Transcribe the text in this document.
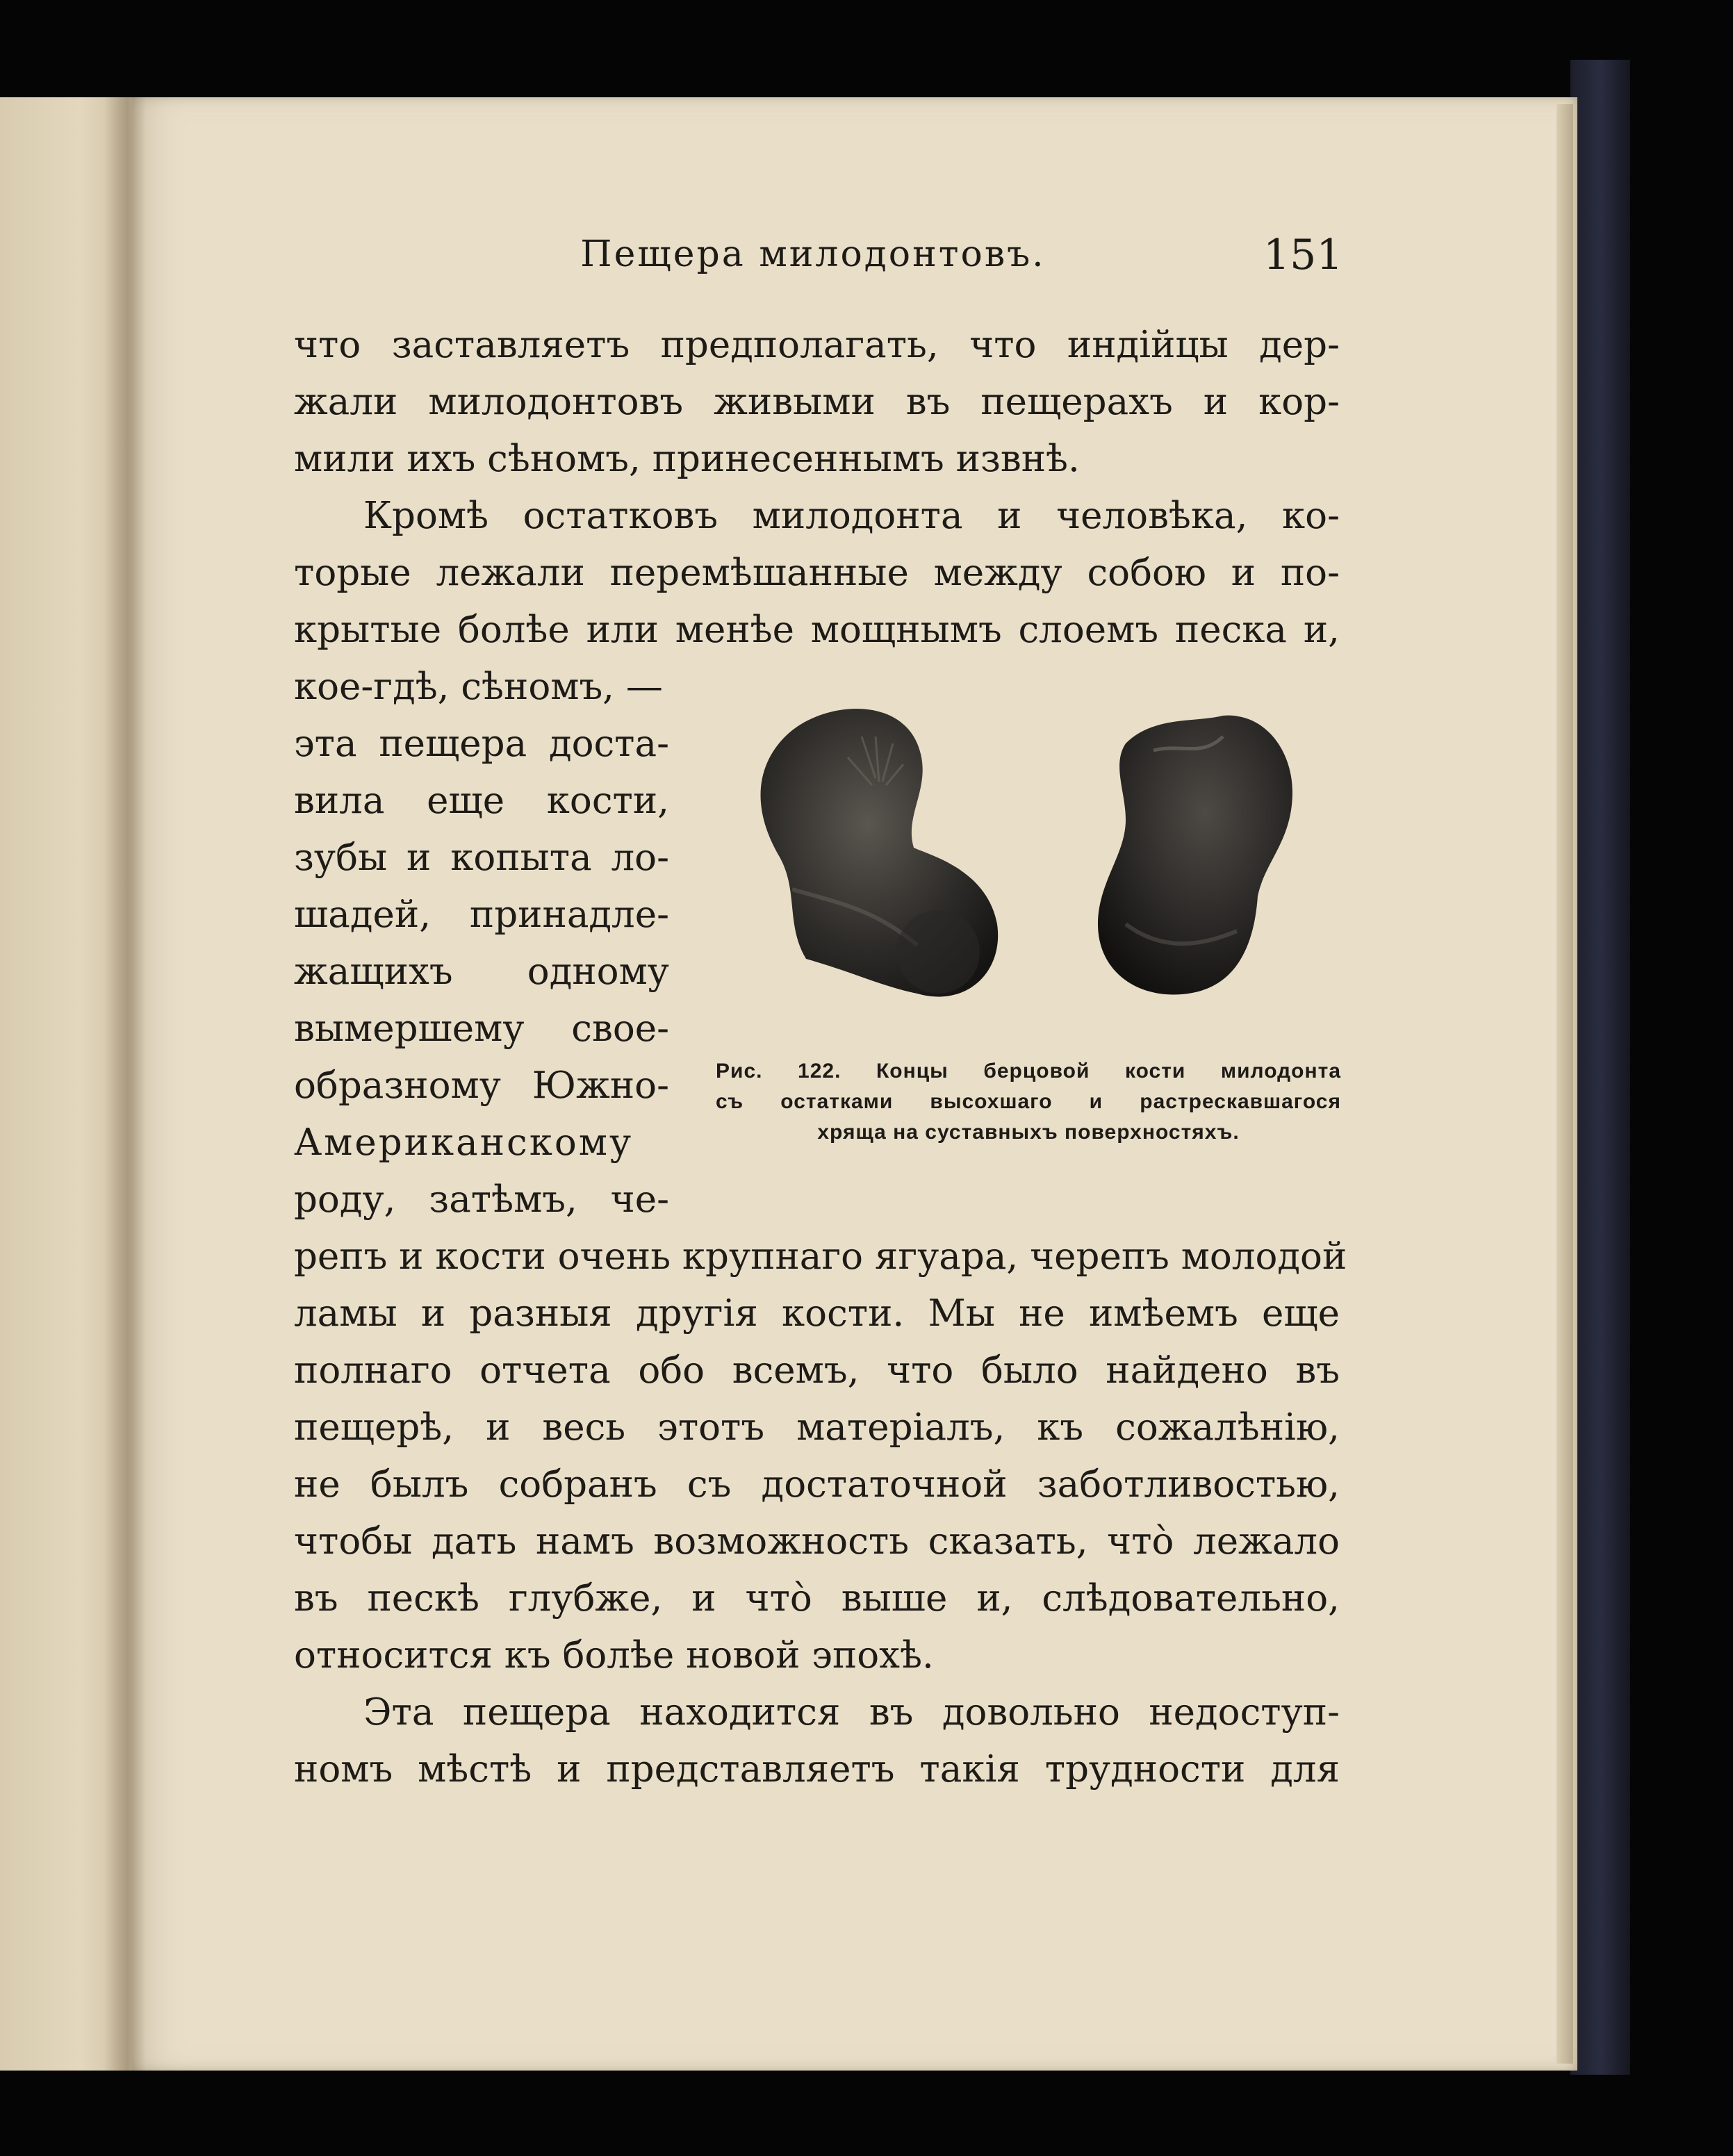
Пещера милодонтовъ.	151
что заставляетъ предполагать, что индійцы дер-
жали милодонтовъ живыми въ пещерахъ и кор-
мили ихъ сѣномъ, принесеннымъ извнѣ.
Кромѣ остатковъ милодонта и человѣка, ко-
торые лежали перемѣшанные между собою и по-
крытые болѣе или менѣе мощнымъ слоемъ песка и,
кое-гдѣ, сѣномъ, —
эта пещера доста-
вила еще кости,
зубы и копыта ло-
шадей, принадле-
жащихъ одному
вымершему свое-
образному Южно-
Американскому
роду, затѣмъ, че-
репъ и кости очень крупнаго ягуара, черепъ молодой
ламы и разныя другія кости. Мы не имѣемъ еще
полнаго отчета обо всемъ, что было найдено въ
пещерѣ, и весь этотъ матеріалъ, къ сожалѣнію,
не былъ собранъ съ достаточной заботливостью,
чтобы дать намъ возможность сказать, что̀ лежало
въ пескѣ глубже, и что̀ выше и, слѣдовательно,
относится къ болѣе новой эпохѣ.
Эта пещера находится въ довольно недоступ-
номъ мѣстѣ и представляетъ такія трудности для
Рис. 122. Концы берцовой кости милодонта
съ остатками высохшаго и растрескавшагося
хряща на суставныхъ поверхностяхъ.
